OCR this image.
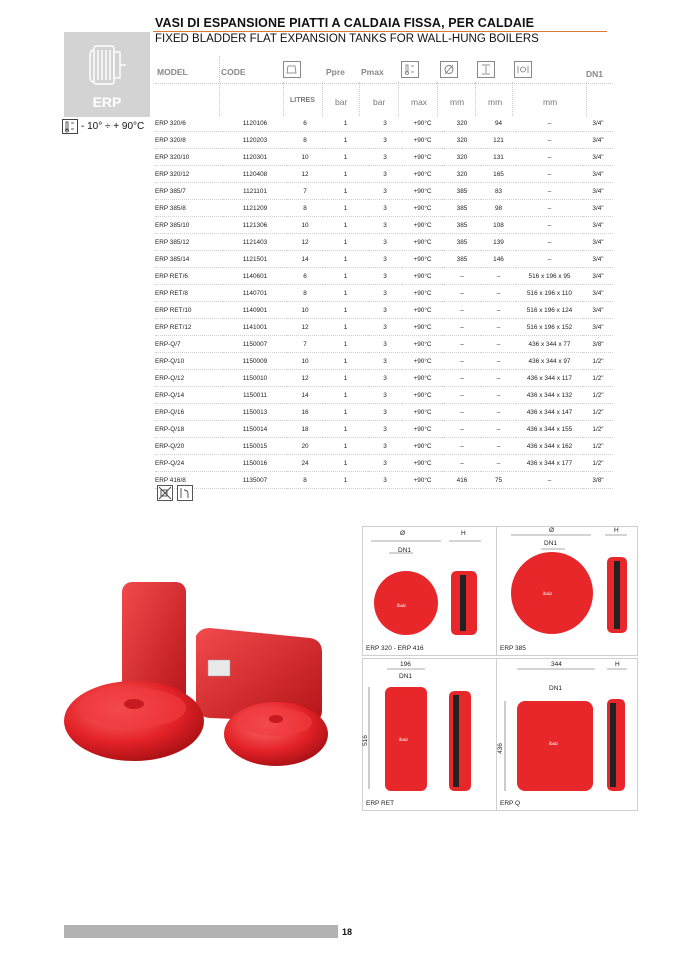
VASI DI ESPANSIONE PIATTI A CALDAIA FISSA, PER CALDAIE
FIXED BLADDER FLAT EXPANSION TANKS FOR WALL-HUNG BOILERS
ERP
- 10° ÷ + 90°C
MODEL	CODE	Ppre Pmax	DN1
LITRES bar	bar	max	mm	mm	mm
ERP 320/6	1120106	6	1	3	+90°C	320	94	–	3/4"
ERP 320/8	1120203	8	1	3	+90°C	320	121	–	3/4"
ERP 320/10	1120301	10	1	3	+90°C	320	131	–	3/4"
ERP 320/12	1120408	12	1	3	+90°C	320	165	–	3/4"
ERP 385/7	1121101	7	1	3	+90°C	385	83	–	3/4"
ERP 385/8	1121209	8	1	3	+90°C	385	98	–	3/4"
ERP 385/10	1121306	10	1	3	+90°C	385	108	–	3/4"
ERP 385/12	1121403	12	1	3	+90°C	385	139	–	3/4"
ERP 385/14	1121501	14	1	3	+90°C	385	146	–	3/4"
ERP RET/6	1140601	6	1	3	+90°C	–	–	516 x 196 x 95	3/4"
ERP RET/8	1140701	8	1	3	+90°C	–	–	516 x 196 x 110	3/4"
ERP RET/10	1140901	10	1	3	+90°C	–	–	516 x 196 x 124	3/4"
ERP RET/12	1141001	12	1	3	+90°C	–	–	516 x 196 x 152	3/4"
ERP-Q/7	1150007	7	1	3	+90°C	–	–	436 x 344 x 77	3/8"
ERP-Q/10	1150009	10	1	3	+90°C	–	–	436 x 344 x 97	1/2"
ERP-Q/12	1150010	12	1	3	+90°C	–	–	436 x 344 x 117	1/2"
ERP-Q/14	1150011	14	1	3	+90°C	–	–	436 x 344 x 132	1/2"
ERP-Q/16	1150013	16	1	3	+90°C	–	–	436 x 344 x 147	1/2"
ERP-Q/18	1150014	18	1	3	+90°C	–	–	436 x 344 x 155	1/2"
ERP-Q/20	1150015	20	1	3	+90°C	–	–	436 x 344 x 162	1/2"
ERP-Q/24	1150016	24	1	3	+90°C	–	–	436 x 344 x 177	1/2"
ERP 416/8	1135007	8	1	3	+90°C	416	75	–	3/8"
ibaiz
Ø	H
DN1
ERP 320 - ERP 416
ibaiz
Ø	H
DN1
ERP 385
ibaiz
196
DN1
516
ERP RET
ibaiz
344	H
DN1
436
ERP Q
18
